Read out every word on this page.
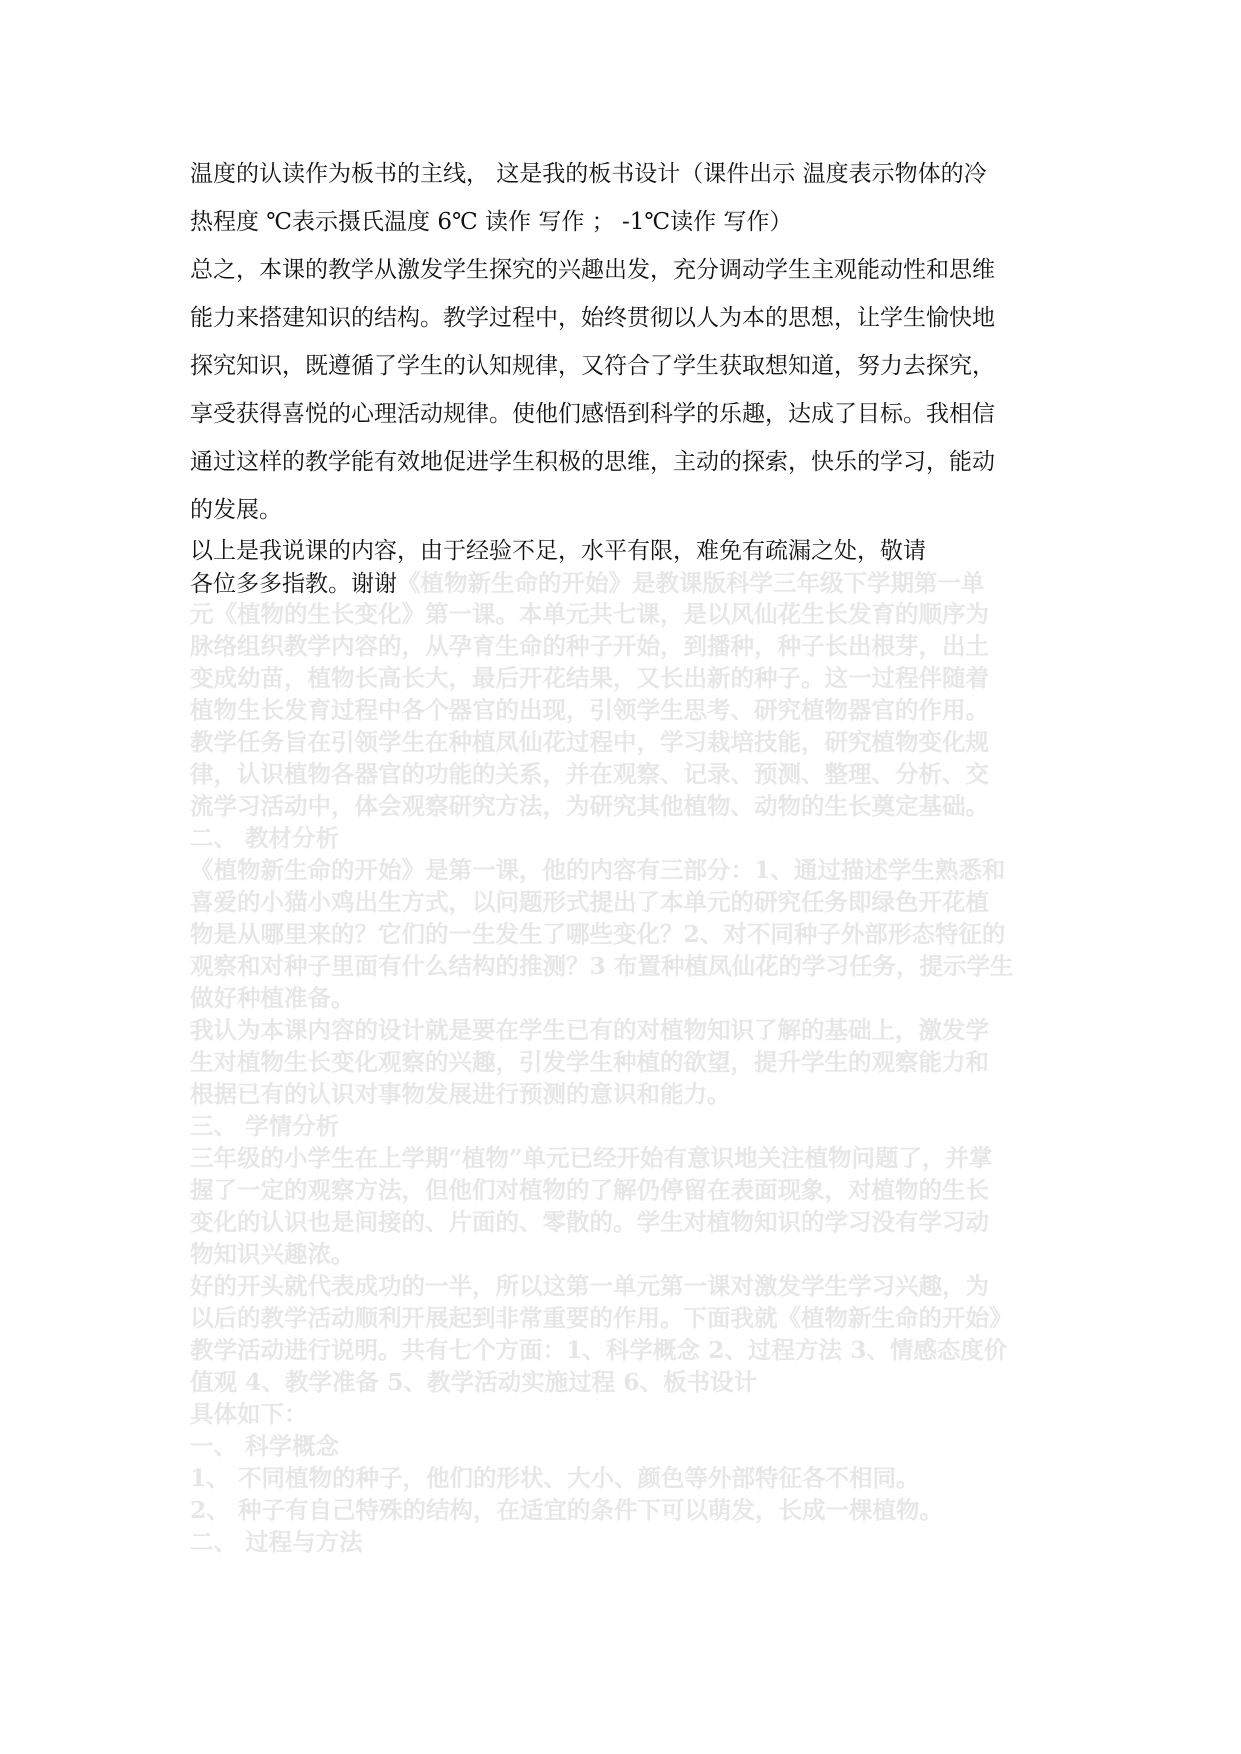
温度的认读作为板书的主线， 这是我的板书设计（课件出示 温度表示物体的冷
热程度 ℃表示摄氏温度 6℃ 读作 写作 ； -1℃读作 写作）
总之，本课的教学从激发学生探究的兴趣出发，充分调动学生主观能动性和思维
能力来搭建知识的结构。教学过程中，始终贯彻以人为本的思想，让学生愉快地
探究知识，既遵循了学生的认知规律，又符合了学生获取想知道，努力去探究，
享受获得喜悦的心理活动规律。使他们感悟到科学的乐趣，达成了目标。我相信
通过这样的教学能有效地促进学生积极的思维，主动的探索，快乐的学习，能动
的发展。
以上是我说课的内容，由于经验不足，水平有限，难免有疏漏之处，敬请
各位多多指教。谢谢《植物新生命的开始》是教课版科学三年级下学期第一单
元《植物的生长变化》第一课。本单元共七课，是以风仙花生长发育的顺序为
脉络组织教学内容的，从孕育生命的种子开始，到播种，种子长出根芽，出土
变成幼苗，植物长高长大，最后开花结果，又长出新的种子。这一过程伴随着
植物生长发育过程中各个器官的出现，引领学生思考、研究植物器官的作用。
教学任务旨在引领学生在种植凤仙花过程中，学习栽培技能，研究植物变化规
律，认识植物各器官的功能的关系，并在观察、记录、预测、整理、分析、交
流学习活动中，体会观察研究方法，为研究其他植物、动物的生长奠定基础。
二、 教材分析
《植物新生命的开始》是第一课，他的内容有三部分：1、通过描述学生熟悉和
喜爱的小猫小鸡出生方式，以问题形式提出了本单元的研究任务即绿色开花植
物是从哪里来的？它们的一生发生了哪些变化？2、对不同种子外部形态特征的
观察和对种子里面有什么结构的推测？3 布置种植凤仙花的学习任务，提示学生
做好种植准备。
我认为本课内容的设计就是要在学生已有的对植物知识了解的基础上，激发学
生对植物生长变化观察的兴趣，引发学生种植的欲望，提升学生的观察能力和
根据已有的认识对事物发展进行预测的意识和能力。
三、 学情分析
三年级的小学生在上学期“植物”单元已经开始有意识地关注植物问题了，并掌
握了一定的观察方法，但他们对植物的了解仍停留在表面现象，对植物的生长
变化的认识也是间接的、片面的、零散的。学生对植物知识的学习没有学习动
物知识兴趣浓。
好的开头就代表成功的一半，所以这第一单元第一课对激发学生学习兴趣，为
以后的教学活动顺利开展起到非常重要的作用。下面我就《植物新生命的开始》
教学活动进行说明。共有七个方面：1、科学概念 2、过程方法 3、情感态度价
值观 4、教学准备 5、教学活动实施过程 6、板书设计
具体如下：
一、 科学概念
1、 不同植物的种子，他们的形状、大小、颜色等外部特征各不相同。
2、 种子有自己特殊的结构，在适宜的条件下可以萌发，长成一棵植物。
二、 过程与方法
